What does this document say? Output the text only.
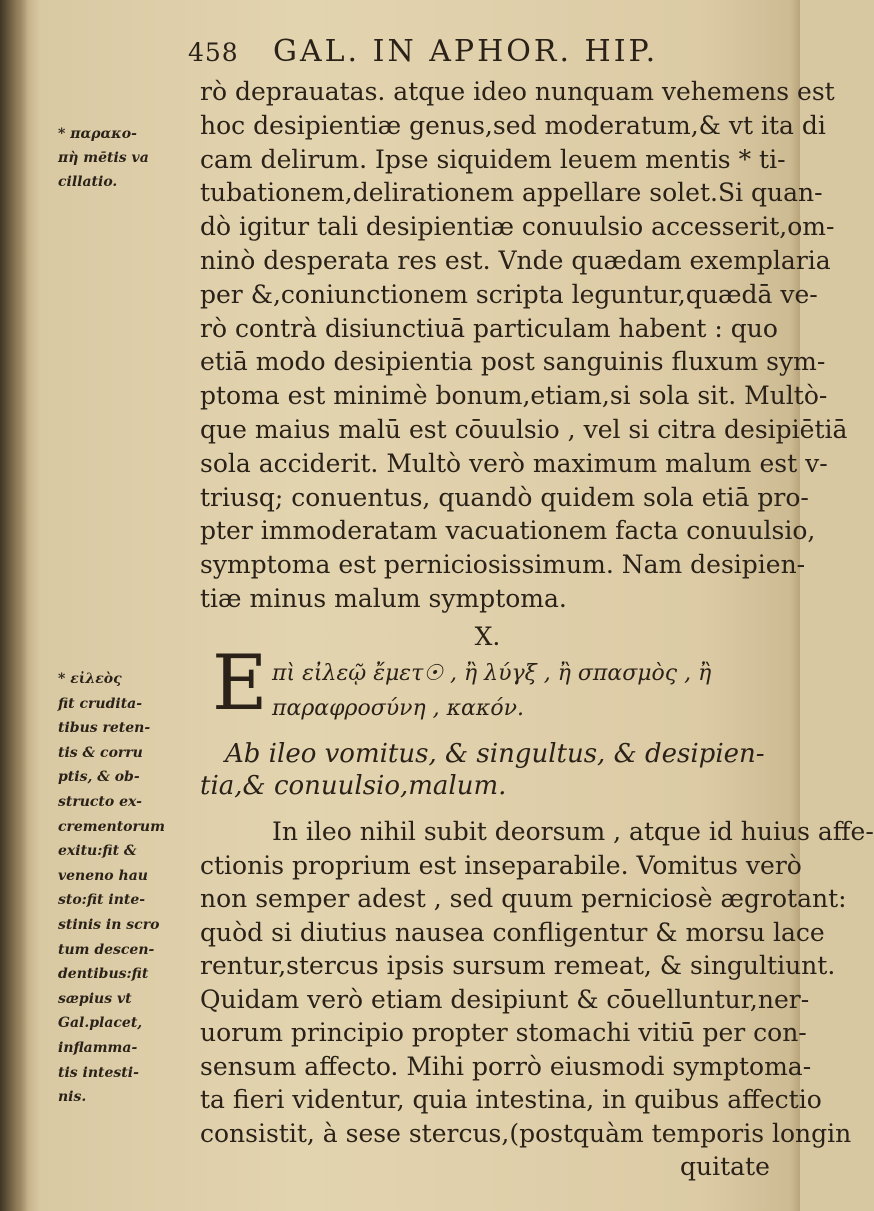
458 GAL. IN APHOR. HIP.
rò deprauatas. atque ideo nunquam vehemens est
hoc desipientiæ genus,sed moderatum,& vt ita di
cam delirum. Ipse siquidem leuem mentis * ti-
tubationem,delirationem appellare solet.Si quan-
dò igitur tali desipientiæ conuulsio accesserit,om-
ninò desperata res est. Vnde quædam exemplaria
per &,coniunctionem scripta leguntur,quædā ve-
rò contrà disiunctiuā particulam habent : quo
etiā modo desipientia post sanguinis fluxum sym-
ptoma est minimè bonum,etiam,si sola sit. Multò-
que maius malū est cōuulsio , vel si citra desipiētiā
sola acciderit. Multò verò maximum malum est v-
triusq; conuentus, quandò quidem sola etiā pro-
pter immoderatam vacuationem facta conuulsio,
symptoma est perniciosissimum. Nam desipien-
tiæ minus malum symptoma.
X.
E πὶ εἰλεῷ ἔμετ☉ , ἢ λύγξ , ἢ σπασμὸς , ἢ
παραφροσύνη , κακόν.
Ab ileo vomitus, & singultus, & desipien-
tia,& conuulsio,malum.
In ileo nihil subit deorsum , atque id huius affe-
ctionis proprium est inseparabile. Vomitus verò
non semper adest , sed quum perniciosè ægrotant:
quòd si diutius nausea confligentur & morsu lace
rentur,stercus ipsis sursum remeat, & singultiunt.
Quidam verò etiam desipiunt & cōuelluntur,ner-
uorum principio propter stomachi vitiū per con-
sensum affecto. Mihi porrò eiusmodi symptoma-
ta fieri videntur, quia intestina, in quibus affectio
consistit, à sese stercus,(postquàm temporis longin
quitate
* παρακο-
πὴ mētis va
cillatio.
* εἰλεὸς
fit crudita-
tibus reten-
tis & corru
ptis, & ob-
structo ex-
crementorum
exitu:fit &
veneno hau
sto:fit inte-
stinis in scro
tum descen-
dentibus:fit
sæpius vt
Gal.placet,
inflamma-
tis intesti-
nis.
